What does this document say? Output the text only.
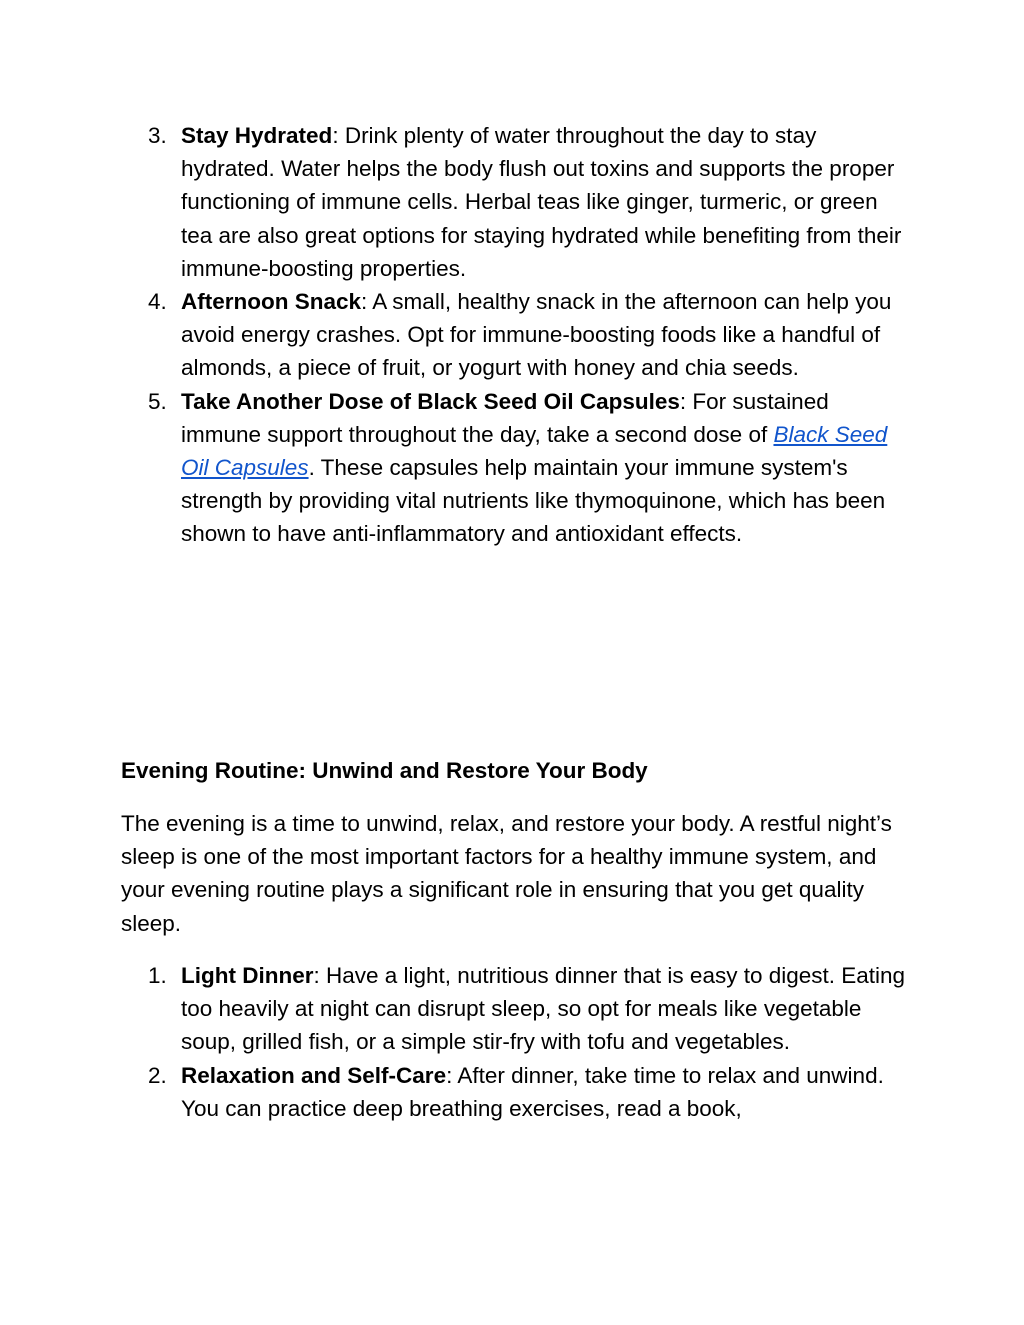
3. Stay Hydrated: Drink plenty of water throughout the day to stay hydrated. Water helps the body flush out toxins and supports the proper functioning of immune cells. Herbal teas like ginger, turmeric, or green tea are also great options for staying hydrated while benefiting from their immune-boosting properties.
4. Afternoon Snack: A small, healthy snack in the afternoon can help you avoid energy crashes. Opt for immune-boosting foods like a handful of almonds, a piece of fruit, or yogurt with honey and chia seeds.
5. Take Another Dose of Black Seed Oil Capsules: For sustained immune support throughout the day, take a second dose of Black Seed Oil Capsules. These capsules help maintain your immune system's strength by providing vital nutrients like thymoquinone, which has been shown to have anti-inflammatory and antioxidant effects.
Evening Routine: Unwind and Restore Your Body

The evening is a time to unwind, relax, and restore your body. A restful night’s sleep is one of the most important factors for a healthy immune system, and your evening routine plays a significant role in ensuring that you get quality sleep.

1. Light Dinner: Have a light, nutritious dinner that is easy to digest. Eating too heavily at night can disrupt sleep, so opt for meals like vegetable soup, grilled fish, or a simple stir-fry with tofu and vegetables.
2. Relaxation and Self-Care: After dinner, take time to relax and unwind. You can practice deep breathing exercises, read a book,
